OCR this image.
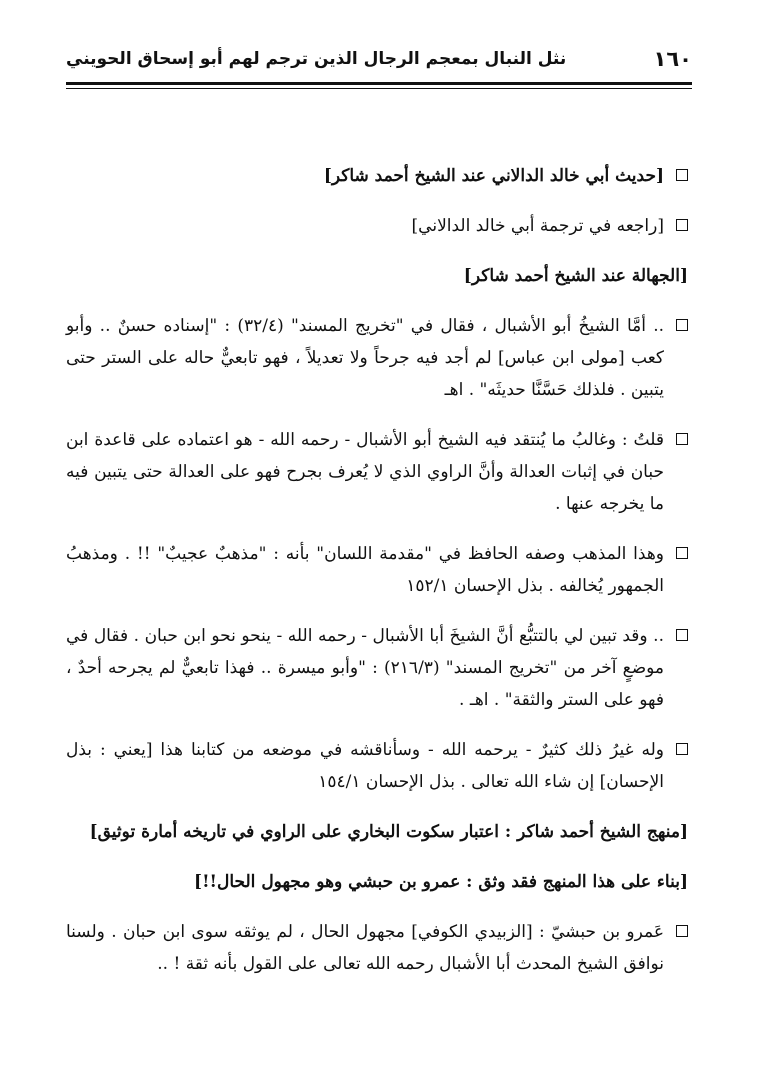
١٦٠
نثل النبال بمعجم الرجال الذين ترجم لهم أبو إسحاق الحويني
[حديث أبي خالد الدالاني عند الشيخ أحمد شاكر]
[راجعه في ترجمة أبي خالد الدالاني]
[الجهالة عند الشيخ أحمد شاكر]
.. أمَّا الشيخُ أبو الأشبال ، فقال في "تخريج المسند" (٣٢/٤) : "إسناده حسنٌ .. وأبو كعب [مولى ابن عباس] لم أجد فيه جرحاً ولا تعديلاً ، فهو تابعيٌّ حاله على الستر حتى يتبين . فلذلك حَسَّنَّا حديثَه" . اهـ
قلتُ : وغالبُ ما يُنتقد فيه الشيخ أبو الأشبال - رحمه الله - هو اعتماده على قاعدة ابن حبان في إثبات العدالة وأنَّ الراوي الذي لا يُعرف بجرح فهو على العدالة حتى يتبين فيه ما يخرجه عنها .
وهذا المذهب وصفه الحافظ في "مقدمة اللسان" بأنه : "مذهبٌ عجيبٌ" !! . ومذهبُ الجمهور يُخالفه . بذل الإحسان ١٥٢/١
.. وقد تبين لي بالتتبُّع أنَّ الشيخَ أبا الأشبال - رحمه الله - ينحو نحو ابن حبان . فقال في موضعٍ آخر من "تخريج المسند" (٢١٦/٣) : "وأبو ميسرة .. فهذا تابعيٌّ لم يجرحه أحدٌ ، فهو على الستر والثقة" . اهـ .
وله غيرُ ذلك كثيرٌ - يرحمه الله - وسأناقشه في موضعه من كتابنا هذا [يعني : بذل الإحسان] إن شاء الله تعالى . بذل الإحسان ١٥٤/١
[منهج الشيخ أحمد شاكر : اعتبار سكوت البخاري على الراوي في تاريخه أمارة توثيق]
[بناء على هذا المنهج فقد وثق : عمرو بن حبشي وهو مجهول الحال!!]
عَمرو بن حبشيّ : [الزبيدي الكوفي] مجهول الحال ، لم يوثقه سوى ابن حبان . ولسنا نوافق الشيخ المحدث أبا الأشبال رحمه الله تعالى على القول بأنه ثقة ! ..
